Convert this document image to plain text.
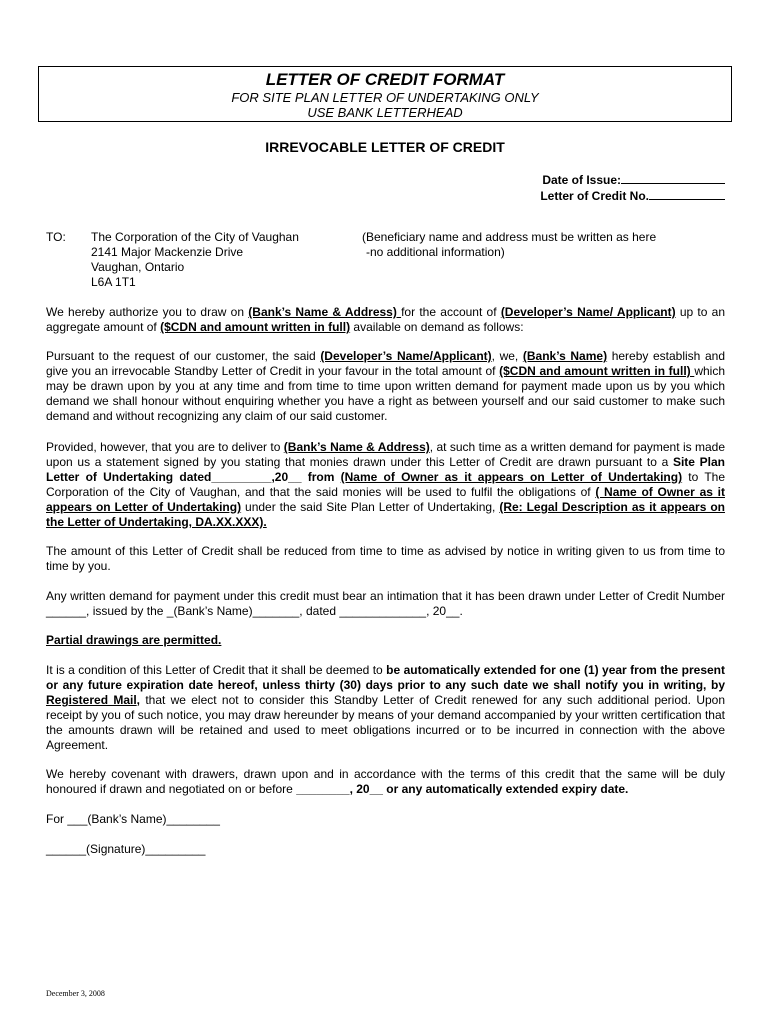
LETTER OF CREDIT FORMAT
FOR SITE PLAN LETTER OF UNDERTAKING ONLY
USE BANK LETTERHEAD
IRREVOCABLE LETTER OF CREDIT
Date of Issue:
Letter of Credit No.
TO: The Corporation of the City of Vaughan
2141 Major Mackenzie Drive
Vaughan, Ontario
L6A 1T1
(Beneficiary name and address must be written as here
-no additional information)
We hereby authorize you to draw on (Bank’s Name & Address) for the account of (Developer’s Name/ Applicant) up to an aggregate amount of ($CDN and amount written in full) available on demand as follows:
Pursuant to the request of our customer, the said (Developer’s Name/Applicant), we, (Bank’s Name) hereby establish and give you an irrevocable Standby Letter of Credit in your favour in the total amount of ($CDN and amount written in full) which may be drawn upon by you at any time and from time to time upon written demand for payment made upon us by you which demand we shall honour without enquiring whether you have a right as between yourself and our said customer to make such demand and without recognizing any claim of our said customer.
Provided, however, that you are to deliver to (Bank’s Name & Address), at such time as a written demand for payment is made upon us a statement signed by you stating that monies drawn under this Letter of Credit are drawn pursuant to a Site Plan Letter of Undertaking dated_________,20__ from (Name of Owner as it appears on Letter of Undertaking) to The Corporation of the City of Vaughan, and that the said monies will be used to fulfil the obligations of ( Name of Owner as it appears on Letter of Undertaking) under the said Site Plan Letter of Undertaking, (Re: Legal Description as it appears on the Letter of Undertaking, DA.XX.XXX).
The amount of this Letter of Credit shall be reduced from time to time as advised by notice in writing given to us from time to time by you.
Any written demand for payment under this credit must bear an intimation that it has been drawn under Letter of Credit Number ______, issued by the _(Bank’s Name)_______, dated _____________, 20__.
Partial drawings are permitted.
It is a condition of this Letter of Credit that it shall be deemed to be automatically extended for one (1) year from the present or any future expiration date hereof, unless thirty (30) days prior to any such date we shall notify you in writing, by Registered Mail, that we elect not to consider this Standby Letter of Credit renewed for any such additional period. Upon receipt by you of such notice, you may draw hereunder by means of your demand accompanied by your written certification that the amounts drawn will be retained and used to meet obligations incurred or to be incurred in connection with the above Agreement.
We hereby covenant with drawers, drawn upon and in accordance with the terms of this credit that the same will be duly honoured if drawn and negotiated on or before ________, 20__ or any automatically extended expiry date.
For ___(Bank’s Name)________
______(Signature)_________
December 3, 2008
